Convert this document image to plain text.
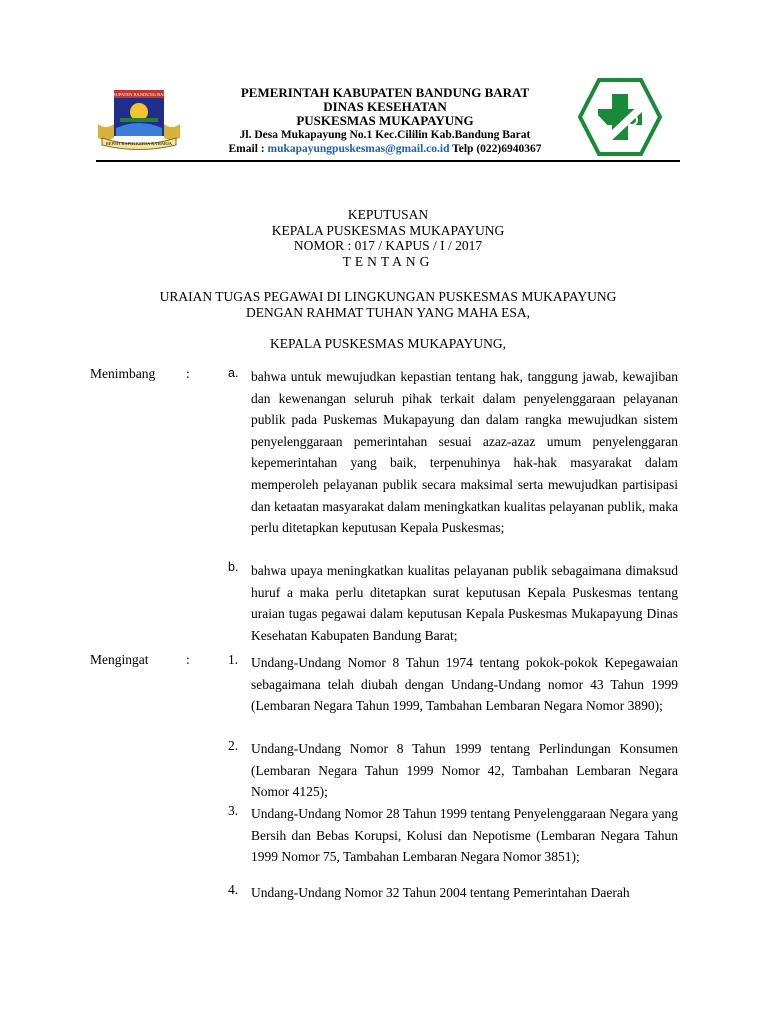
KABUPATEN BANDUNG BARAT
REPEH RAPIH KERTA RAHARJA
PEMERINTAH KABUPATEN BANDUNG BARAT
DINAS KESEHATAN
PUSKESMAS MUKAPAYUNG
Jl. Desa Mukapayung No.1 Kec.Cililin Kab.Bandung Barat
Email : mukapayungpuskesmas@gmail.co.id Telp (022)6940367
KEPUTUSAN
KEPALA PUSKESMAS MUKAPAYUNG
NOMOR : 017 / KAPUS / I / 2017
TENTANG
URAIAN TUGAS PEGAWAI DI LINGKUNGAN PUSKESMAS MUKAPAYUNG
DENGAN RAHMAT TUHAN YANG MAHA ESA,
KEPALA PUSKESMAS MUKAPAYUNG,
Menimbang :	a. bahwa untuk mewujudkan kepastian tentang hak, tanggung jawab, kewajiban dan kewenangan seluruh pihak terkait dalam penyelenggaraan pelayanan publik pada Puskemas Mukapayung dan dalam rangka mewujudkan sistem penyelenggaraan pemerintahan sesuai azaz-azaz umum penyelenggaran kepemerintahan yang baik, terpenuhinya hak-hak masyarakat dalam memperoleh pelayanan publik secara maksimal serta mewujudkan partisipasi dan ketaatan masyarakat dalam meningkatkan kualitas pelayanan publik, maka perlu ditetapkan keputusan Kepala Puskesmas;
b. bahwa upaya meningkatkan kualitas pelayanan publik sebagaimana dimaksud huruf a maka perlu ditetapkan surat keputusan Kepala Puskesmas tentang uraian tugas pegawai dalam keputusan Kepala Puskesmas Mukapayung Dinas Kesehatan Kabupaten Bandung Barat;
Mengingat	:	1. Undang-Undang Nomor 8 Tahun 1974 tentang pokok-pokok Kepegawaian sebagaimana telah diubah dengan Undang-Undang nomor 43 Tahun 1999 (Lembaran Negara Tahun 1999, Tambahan Lembaran Negara Nomor 3890);
2. Undang-Undang Nomor 8 Tahun 1999 tentang Perlindungan Konsumen (Lembaran Negara Tahun 1999 Nomor 42, Tambahan Lembaran Negara Nomor 4125);
3. Undang-Undang Nomor 28 Tahun 1999 tentang Penyelenggaraan Negara yang Bersih dan Bebas Korupsi, Kolusi dan Nepotisme (Lembaran Negara Tahun 1999 Nomor 75, Tambahan Lembaran Negara Nomor 3851);
4. Undang-Undang Nomor 32 Tahun 2004 tentang Pemerintahan Daerah
